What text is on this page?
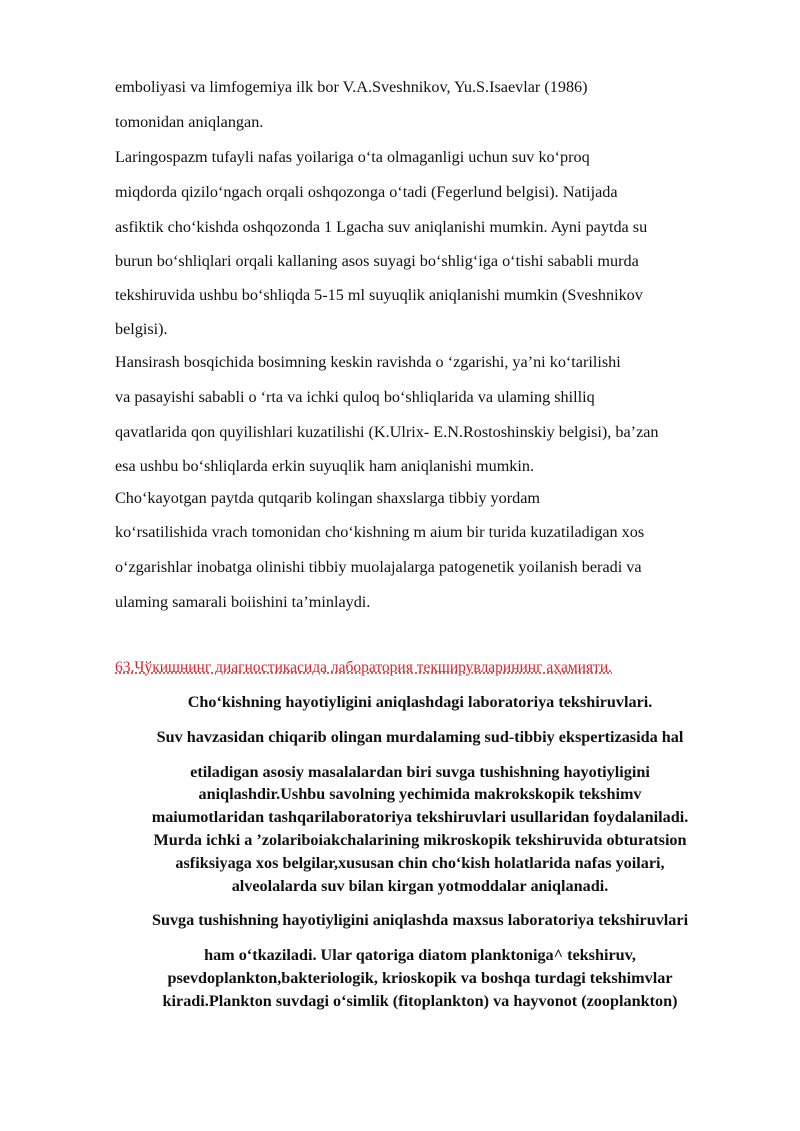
emboliyasi va limfogemiya ilk bor V.A.Sveshnikov, Yu.S.Isaevlar (1986)

tomonidan aniqlangan.

Laringospazm tufayli nafas yoilariga o‘ta olmaganligi uchun suv ko‘proq

miqdorda qizilo‘ngach orqali oshqozonga o‘tadi (Fegerlund belgisi). Natijada

asfiktik cho‘kishda oshqozonda 1 Lgacha suv aniqlanishi mumkin. Ayni paytda su

burun bo‘shliqlari orqali kallaning asos suyagi bo‘shlig‘iga o‘tishi sababli murda

tekshiruvida ushbu bo‘shliqda 5-15 ml suyuqlik aniqlanishi mumkin (Sveshnikov

belgisi).

Hansirash bosqichida bosimning keskin ravishda o ‘zgarishi, ya’ni ko‘tarilishi

va pasayishi sababli o ‘rta va ichki quloq bo‘shliqlarida va ulaming shilliq

qavatlarida qon quyilishlari kuzatilishi (K.Ulrix- E.N.Rostoshinskiy belgisi), ba’zan

esa ushbu bo‘shliqlarda erkin suyuqlik ham aniqlanishi mumkin.

Cho‘kayotgan paytda qutqarib kolingan shaxslarga tibbiy yordam

ko‘rsatilishida vrach tomonidan cho‘kishning m aium bir turida kuzatiladigan xos

o‘zgarishlar inobatga olinishi tibbiy muolajalarga patogenetik yoilanish beradi va

ulaming samarali boiishini ta’minlaydi.

63.Чўкишнинг диагностикасида лаборатория текширувларининг аҳамияти.

Cho‘kishning hayotiyligini aniqlashdagi laboratoriya tekshiruvlari.

Suv havzasidan chiqarib olingan murdalaming sud-tibbiy ekspertizasida hal

etiladigan asosiy masalalardan biri suvga tushishning hayotiyligini

aniqlashdir.Ushbu savolning yechimida makrokskopik tekshimv

maiumotlaridan tashqarilaboratoriya tekshiruvlari usullaridan foydalaniladi.

Murda ichki a ’zolariboiakchalarining mikroskopik tekshiruvida obturatsion

asfiksiyaga xos belgilar,xususan chin cho‘kish holatlarida nafas yoilari,

alveolalarda suv bilan kirgan yotmoddalar aniqlanadi.

Suvga tushishning hayotiyligini aniqlashda maxsus laboratoriya tekshiruvlari

ham o‘tkaziladi. Ular qatoriga diatom planktoniga^ tekshiruv,

psevdoplankton,bakteriologik, krioskopik va boshqa turdagi tekshimvlar

kiradi.Plankton suvdagi o‘simlik (fitoplankton) va hayvonot (zooplankton)
